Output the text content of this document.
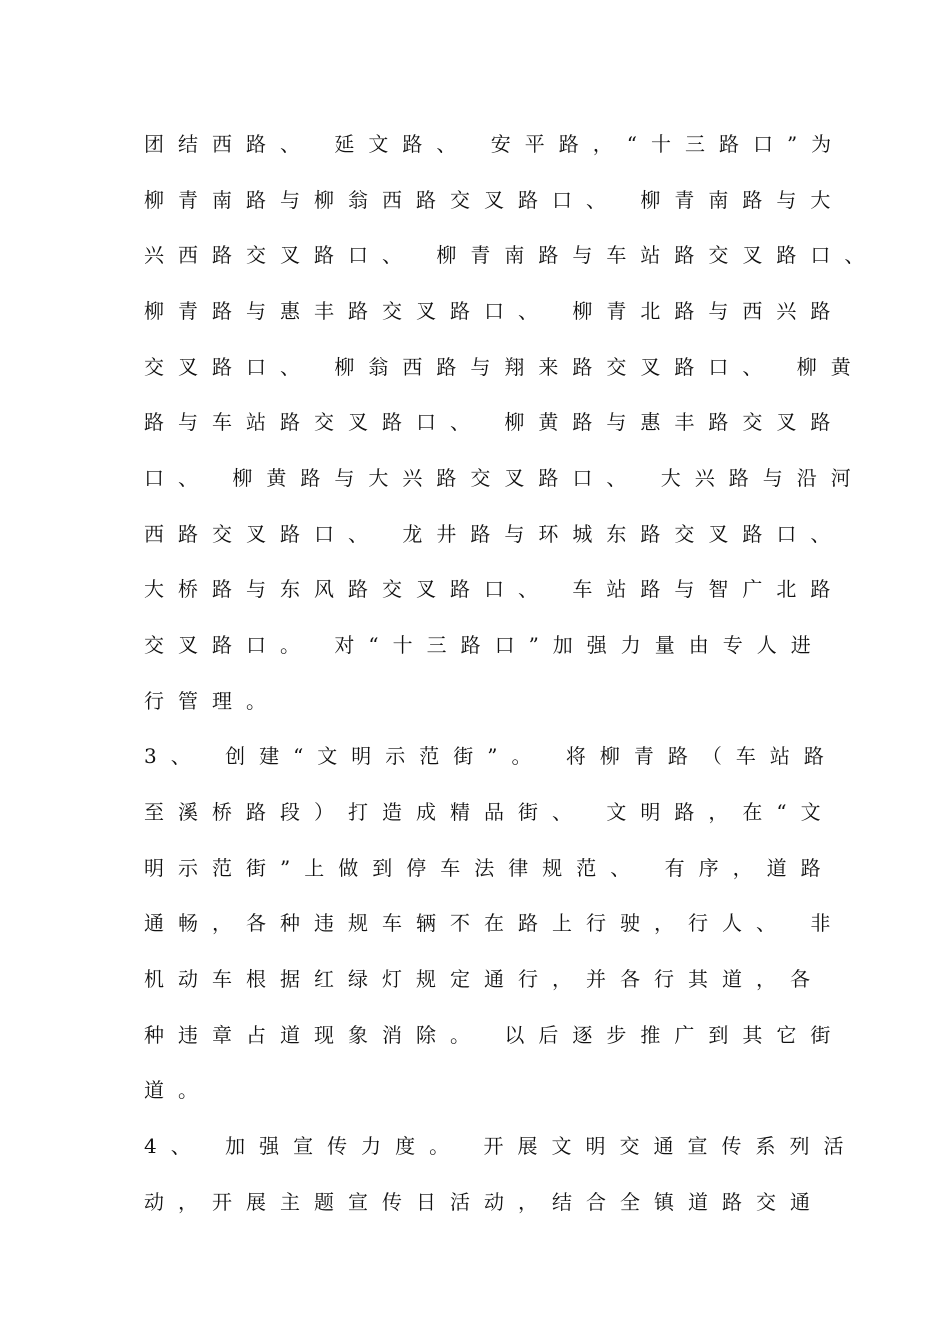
团结西路、 延文路、 安平路，“十三路口”为
柳青南路与柳翁西路交叉路口、 柳青南路与大
兴西路交叉路口、 柳青南路与车站路交叉路口、
柳青路与惠丰路交叉路口、 柳青北路与西兴路
交叉路口、 柳翁西路与翔来路交叉路口、 柳黄
路与车站路交叉路口、 柳黄路与惠丰路交叉路
口、 柳黄路与大兴路交叉路口、 大兴路与沿河
西路交叉路口、 龙井路与环城东路交叉路口、
大桥路与东风路交叉路口、 车站路与智广北路
交叉路口。 对“十三路口”加强力量由专人进
行管理。
3、 创建“文明示范街”。 将柳青路（车站路
至溪桥路段）打造成精品街、 文明路，在“文
明示范街”上做到停车法律规范、 有序，道路
通畅，各种违规车辆不在路上行驶，行人、 非
机动车根据红绿灯规定通行，并各行其道，各
种违章占道现象消除。 以后逐步推广到其它街
道。
4、 加强宣传力度。 开展文明交通宣传系列活
动，开展主题宣传日活动，结合全镇道路交通
